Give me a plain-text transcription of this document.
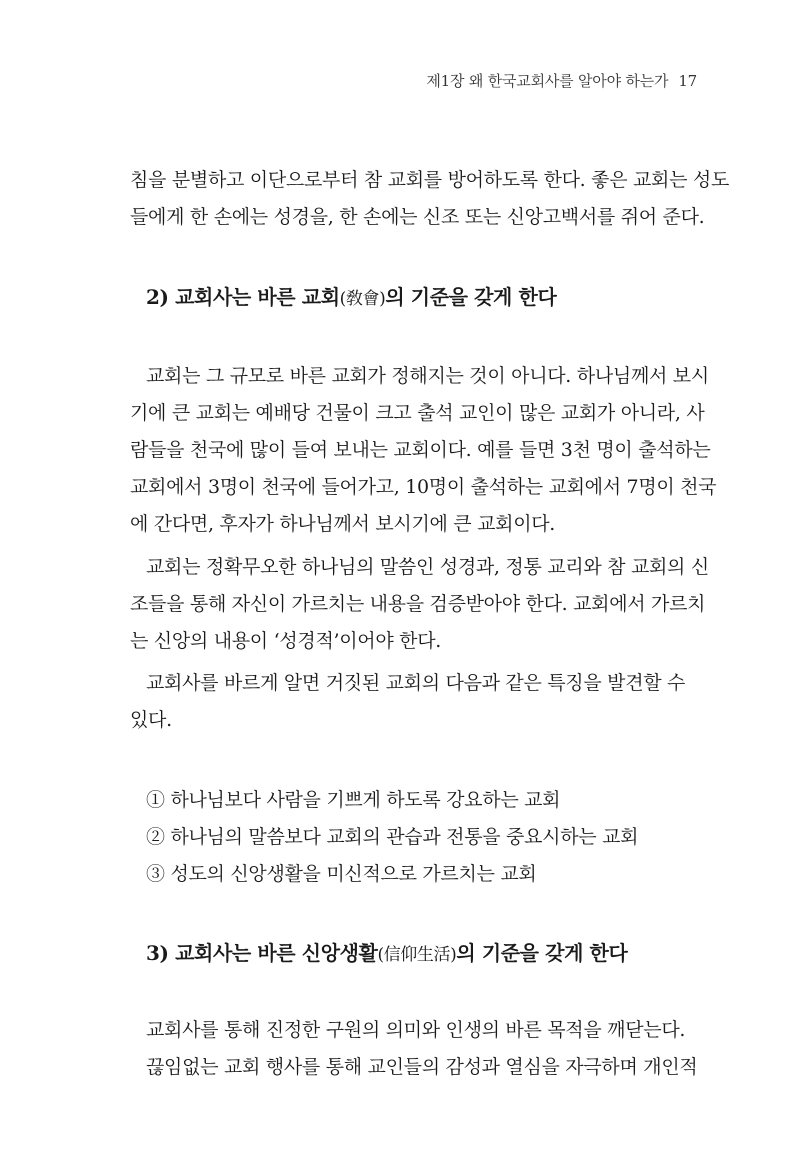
제1장 왜 한국교회사를 알아야 하는가 17
침을 분별하고 이단으로부터 참 교회를 방어하도록 한다. 좋은 교회는 성도
들에게 한 손에는 성경을, 한 손에는 신조 또는 신앙고백서를 쥐어 준다.
2) 교회사는 바른 교회(敎會)의 기준을 갖게 한다
교회는 그 규모로 바른 교회가 정해지는 것이 아니다. 하나님께서 보시
기에 큰 교회는 예배당 건물이 크고 출석 교인이 많은 교회가 아니라, 사
람들을 천국에 많이 들여 보내는 교회이다. 예를 들면 3천 명이 출석하는
교회에서 3명이 천국에 들어가고, 10명이 출석하는 교회에서 7명이 천국
에 간다면, 후자가 하나님께서 보시기에 큰 교회이다.
교회는 정확무오한 하나님의 말씀인 성경과, 정통 교리와 참 교회의 신
조들을 통해 자신이 가르치는 내용을 검증받아야 한다. 교회에서 가르치
는 신앙의 내용이 ‘성경적’이어야 한다.
교회사를 바르게 알면 거짓된 교회의 다음과 같은 특징을 발견할 수
있다.
① 하나님보다 사람을 기쁘게 하도록 강요하는 교회
② 하나님의 말씀보다 교회의 관습과 전통을 중요시하는 교회
③ 성도의 신앙생활을 미신적으로 가르치는 교회
3) 교회사는 바른 신앙생활(信仰生活)의 기준을 갖게 한다
교회사를 통해 진정한 구원의 의미와 인생의 바른 목적을 깨닫는다.
끊임없는 교회 행사를 통해 교인들의 감성과 열심을 자극하며 개인적
